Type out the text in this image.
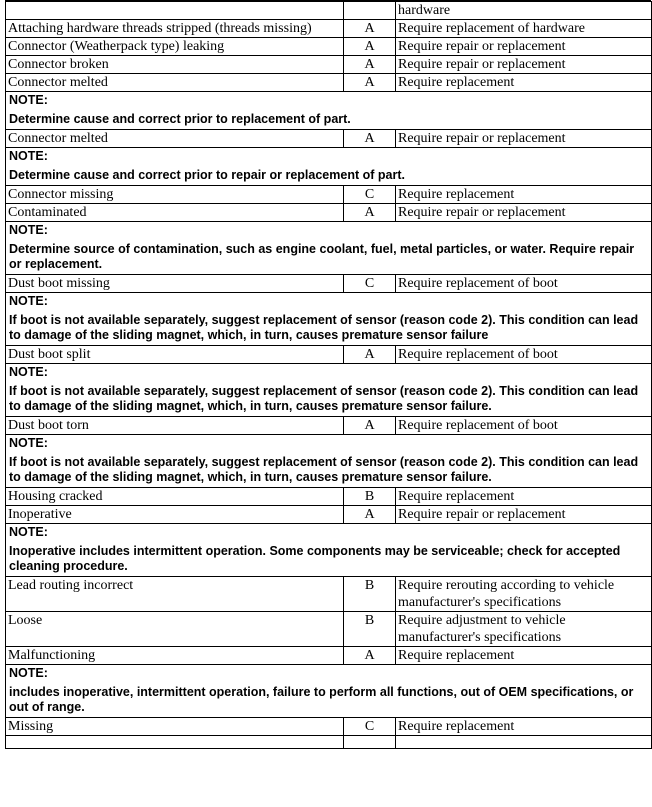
		hardware
Attaching hardware threads stripped (threads missing)	A	Require replacement of hardware
Connector (Weatherpack type) leaking	A	Require repair or replacement
Connector broken	A	Require repair or replacement
Connector melted	A	Require replacement

NOTE:
Determine cause and correct prior to replacement of part.		

Connector melted	A	Require repair or replacement

NOTE:
Determine cause and correct prior to repair or replacement of part.		

Connector missing	C	Require replacement
Contaminated	A	Require repair or replacement

NOTE:
Determine source of contamination, such as engine coolant, fuel, metal particles, or water. Require repair or replacement.		

Dust boot missing	C	Require replacement of boot

NOTE:
If boot is not available separately, suggest replacement of sensor (reason code 2). This condition can lead to damage of the sliding magnet, which, in turn, causes premature sensor failure		

Dust boot split	A	Require replacement of boot

NOTE:
If boot is not available separately, suggest replacement of sensor (reason code 2). This condition can lead to damage of the sliding magnet, which, in turn, causes premature sensor failure.		

Dust boot torn	A	Require replacement of boot

NOTE:
If boot is not available separately, suggest replacement of sensor (reason code 2). This condition can lead to damage of the sliding magnet, which, in turn, causes premature sensor failure.		

Housing cracked	B	Require replacement
Inoperative	A	Require repair or replacement

NOTE:
Inoperative includes intermittent operation. Some components may be serviceable; check for accepted cleaning procedure.		

Lead routing incorrect	B	Require rerouting according to vehicle manufacturer's specifications
Loose	B	Require adjustment to vehicle manufacturer's specifications
Malfunctioning	A	Require replacement

NOTE:
includes inoperative, intermittent operation, failure to perform all functions, out of OEM specifications, or out of range.		

Missing	C	Require replacement
